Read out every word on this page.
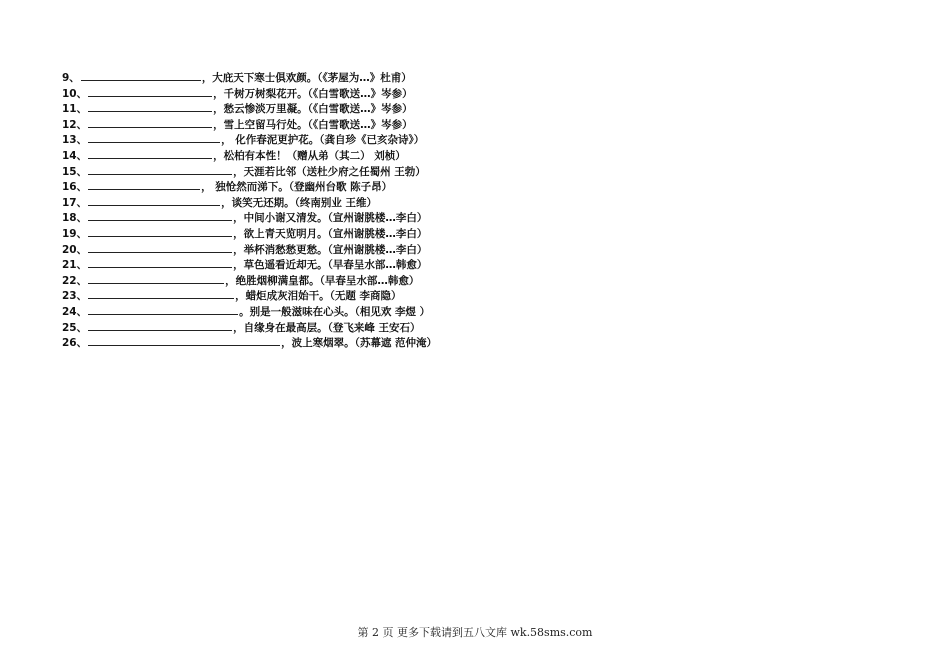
9、	，大庇天下寒士俱欢颜。（《茅屋为…》杜甫）
10、	，千树万树梨花开。（《白雪歌送…》岑参）
11、	，愁云惨淡万里凝。（《白雪歌送…》岑参）
12、	，雪上空留马行处。（《白雪歌送…》岑参）
13、	， 化作春泥更护花。（龚自珍《已亥杂诗》）
14、	，松柏有本性！（赠从弟（其二） 刘桢）
15、	，天涯若比邻（送杜少府之任蜀州 王勃）
16、	， 独怆然而涕下。（登幽州台歌 陈子昂）
17、	，谈笑无还期。（终南别业 王维）
18、	，中间小谢又清发。（宣州谢朓楼…李白）
19、	，欲上青天览明月。（宣州谢朓楼…李白）
20、	，举杯消愁愁更愁。（宣州谢朓楼…李白）
21、	，草色遥看近却无。（早春呈水部…韩愈）
22、	，绝胜烟柳满皇都。（早春呈水部…韩愈）
23、	，蜡炬成灰泪始干。（无题 李商隐）
24、	。别是一般滋味在心头。（相见欢 李煜 ）
25、	，自缘身在最高层。（登飞来峰 王安石）
26、	，波上寒烟翠。（苏幕遮 范仲淹）
第 2 页 更多下载请到五八文库 wk.58sms.com
